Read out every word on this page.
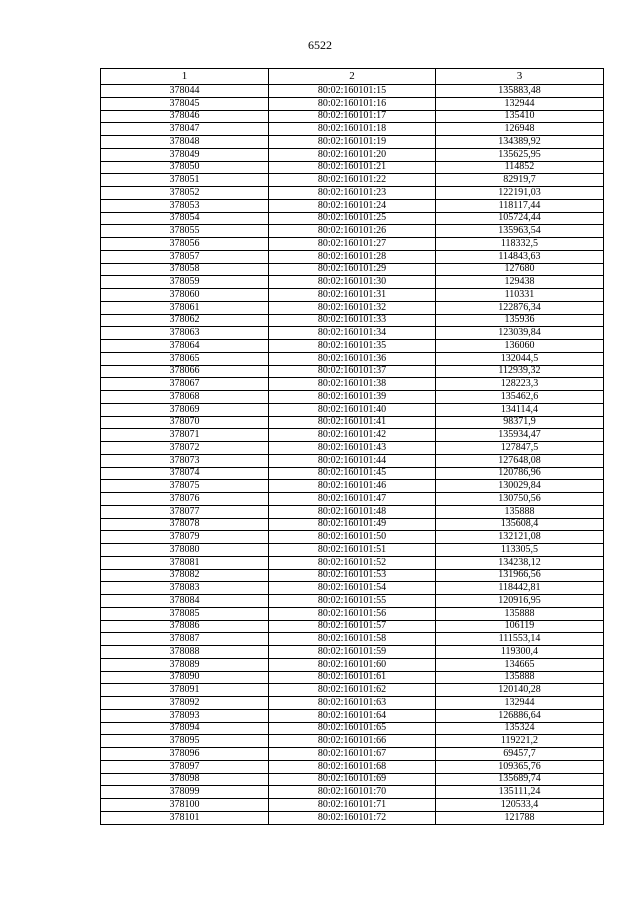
6522
1	2	3
378044	80:02:160101:15	135883,48
378045	80:02:160101:16	132944
378046	80:02:160101:17	135410
378047	80:02:160101:18	126948
378048	80:02:160101:19	134389,92
378049	80:02:160101:20	135625,95
378050	80:02:160101:21	114852
378051	80:02:160101:22	82919,7
378052	80:02:160101:23	122191,03
378053	80:02:160101:24	118117,44
378054	80:02:160101:25	105724,44
378055	80:02:160101:26	135963,54
378056	80:02:160101:27	118332,5
378057	80:02:160101:28	114843,63
378058	80:02:160101:29	127680
378059	80:02:160101:30	129438
378060	80:02:160101:31	110331
378061	80:02:160101:32	122876,34
378062	80:02:160101:33	135936
378063	80:02:160101:34	123039,84
378064	80:02:160101:35	136060
378065	80:02:160101:36	132044,5
378066	80:02:160101:37	112939,32
378067	80:02:160101:38	128223,3
378068	80:02:160101:39	135462,6
378069	80:02:160101:40	134114,4
378070	80:02:160101:41	98371,9
378071	80:02:160101:42	135934,47
378072	80:02:160101:43	127847,5
378073	80:02:160101:44	127648,08
378074	80:02:160101:45	120786,96
378075	80:02:160101:46	130029,84
378076	80:02:160101:47	130750,56
378077	80:02:160101:48	135888
378078	80:02:160101:49	135608,4
378079	80:02:160101:50	132121,08
378080	80:02:160101:51	113305,5
378081	80:02:160101:52	134238,12
378082	80:02:160101:53	131966,56
378083	80:02:160101:54	118442,81
378084	80:02:160101:55	120916,95
378085	80:02:160101:56	135888
378086	80:02:160101:57	106119
378087	80:02:160101:58	111553,14
378088	80:02:160101:59	119300,4
378089	80:02:160101:60	134665
378090	80:02:160101:61	135888
378091	80:02:160101:62	120140,28
378092	80:02:160101:63	132944
378093	80:02:160101:64	126886,64
378094	80:02:160101:65	135324
378095	80:02:160101:66	119221,2
378096	80:02:160101:67	69457,7
378097	80:02:160101:68	109365,76
378098	80:02:160101:69	135689,74
378099	80:02:160101:70	135111,24
378100	80:02:160101:71	120533,4
378101	80:02:160101:72	121788
